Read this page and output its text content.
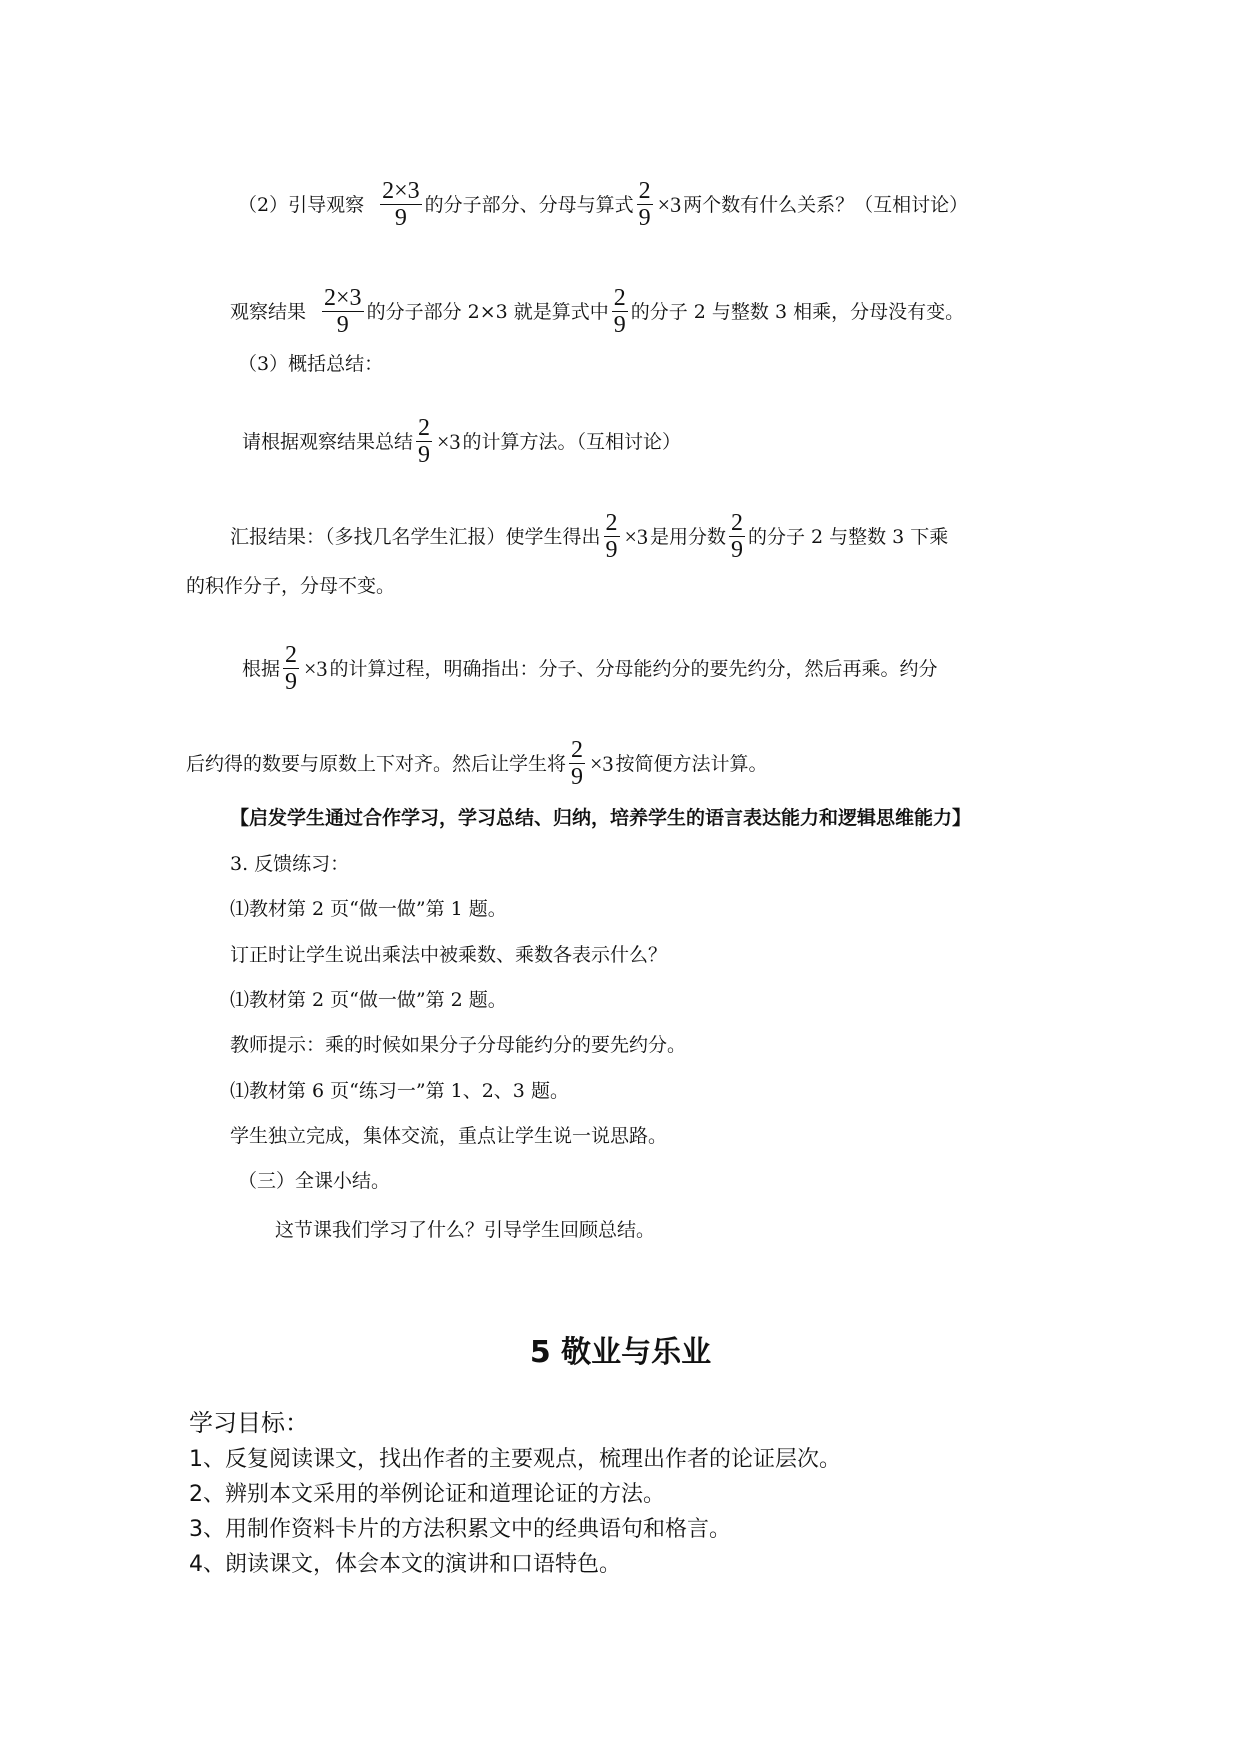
（2）引导观察 $\frac{2\times 3}{9}$ 的分子部分、分母与算式 $\frac{2}{9} \times 3$ 两个数有什么关系？（互相讨论）
观察结果 $\frac{2\times 3}{9}$ 的分子部分 2×3 就是算式中 $\frac{2}{9}$ 的分子 2 与整数 3 相乘，分母没有变。
（3）概括总结：
请根据观察结果总结 $\frac{2}{9} \times 3$ 的计算方法。（互相讨论）
汇报结果：（多找几名学生汇报）使学生得出 $\frac{2}{9} \times 3$ 是用分数 $\frac{2}{9}$ 的分子 2 与整数 3 下乘
的积作分子，分母不变。
根据 $\frac{2}{9} \times 3$ 的计算过程，明确指出：分子、分母能约分的要先约分，然后再乘。约分
后约得的数要与原数上下对齐。然后让学生将 $\frac{2}{9} \times 3$ 按简便方法计算。
【启发学生通过合作学习，学习总结、归纳，培养学生的语言表达能力和逻辑思维能力】
3. 反馈练习：
⑴教材第 2 页“做一做”第 1 题。
订正时让学生说出乘法中被乘数、乘数各表示什么？
⑴教材第 2 页“做一做”第 2 题。
教师提示：乘的时候如果分子分母能约分的要先约分。
⑴教材第 6 页“练习一”第 1、2、3 题。
学生独立完成，集体交流，重点让学生说一说思路。
（三）全课小结。
这节课我们学习了什么？引导学生回顾总结。
5 敬业与乐业
学习目标：
1、反复阅读课文，找出作者的主要观点，梳理出作者的论证层次。
2、辨别本文采用的举例论证和道理论证的方法。
3、用制作资料卡片的方法积累文中的经典语句和格言。
4、朗读课文，体会本文的演讲和口语特色。
